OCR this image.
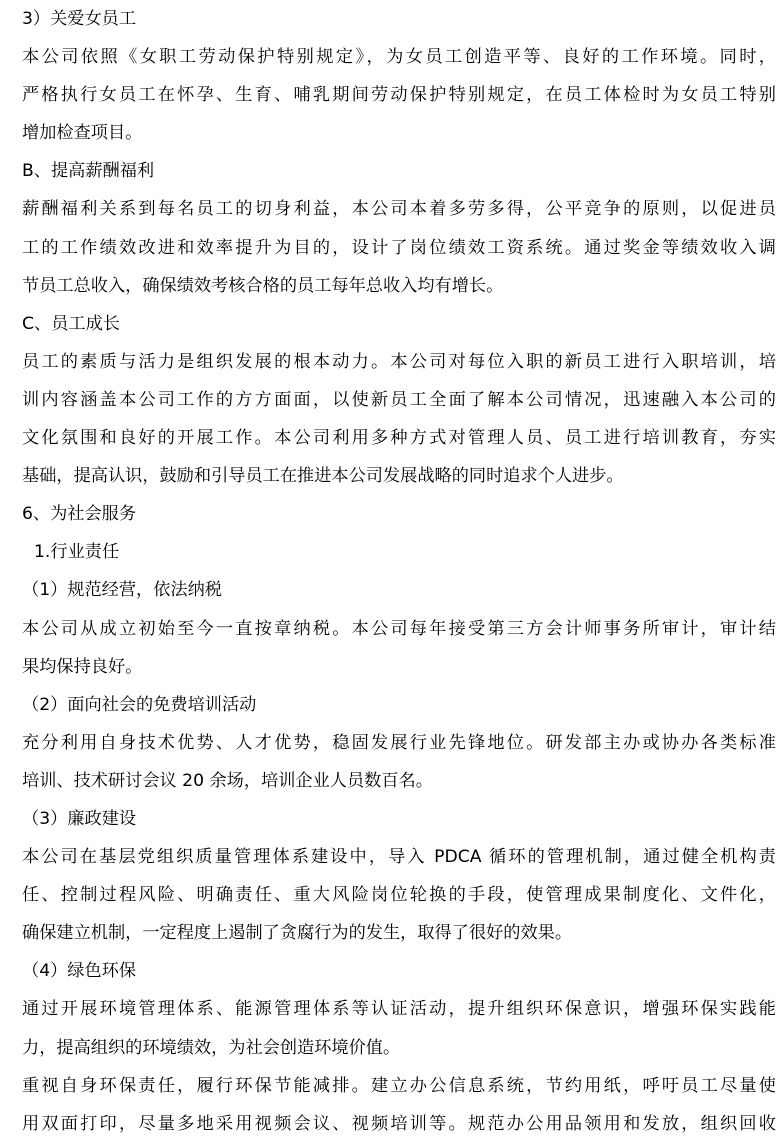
3）关爱女员工
本公司依照《女职工劳动保护特别规定》，为女员工创造平等、良好的工作环境。同时，
严格执行女员工在怀孕、生育、哺乳期间劳动保护特别规定，在员工体检时为女员工特别
增加检查项目。
B、提高薪酬福利
薪酬福利关系到每名员工的切身利益，本公司本着多劳多得，公平竞争的原则，以促进员
工的工作绩效改进和效率提升为目的，设计了岗位绩效工资系统。通过奖金等绩效收入调
节员工总收入，确保绩效考核合格的员工每年总收入均有增长。
C、员工成长
员工的素质与活力是组织发展的根本动力。本公司对每位入职的新员工进行入职培训，培
训内容涵盖本公司工作的方方面面，以使新员工全面了解本公司情况，迅速融入本公司的
文化氛围和良好的开展工作。本公司利用多种方式对管理人员、员工进行培训教育，夯实
基础，提高认识，鼓励和引导员工在推进本公司发展战略的同时追求个人进步。
6、为社会服务
1.行业责任
（1）规范经营，依法纳税
本公司从成立初始至今一直按章纳税。本公司每年接受第三方会计师事务所审计，审计结
果均保持良好。
（2）面向社会的免费培训活动
充分利用自身技术优势、人才优势，稳固发展行业先锋地位。研发部主办或协办各类标准
培训、技术研讨会议 20 余场，培训企业人员数百名。
（3）廉政建设
本公司在基层党组织质量管理体系建设中，导入 PDCA 循环的管理机制，通过健全机构责
任、控制过程风险、明确责任、重大风险岗位轮换的手段，使管理成果制度化、文件化，
确保建立机制，一定程度上遏制了贪腐行为的发生，取得了很好的效果。
（4）绿色环保
通过开展环境管理体系、能源管理体系等认证活动，提升组织环保意识，增强环保实践能
力，提高组织的环境绩效，为社会创造环境价值。
重视自身环保责任，履行环保节能减排。建立办公信息系统，节约用纸，呼吁员工尽量使
用双面打印，尽量多地采用视频会议、视频培训等。规范办公用品领用和发放，组织回收
